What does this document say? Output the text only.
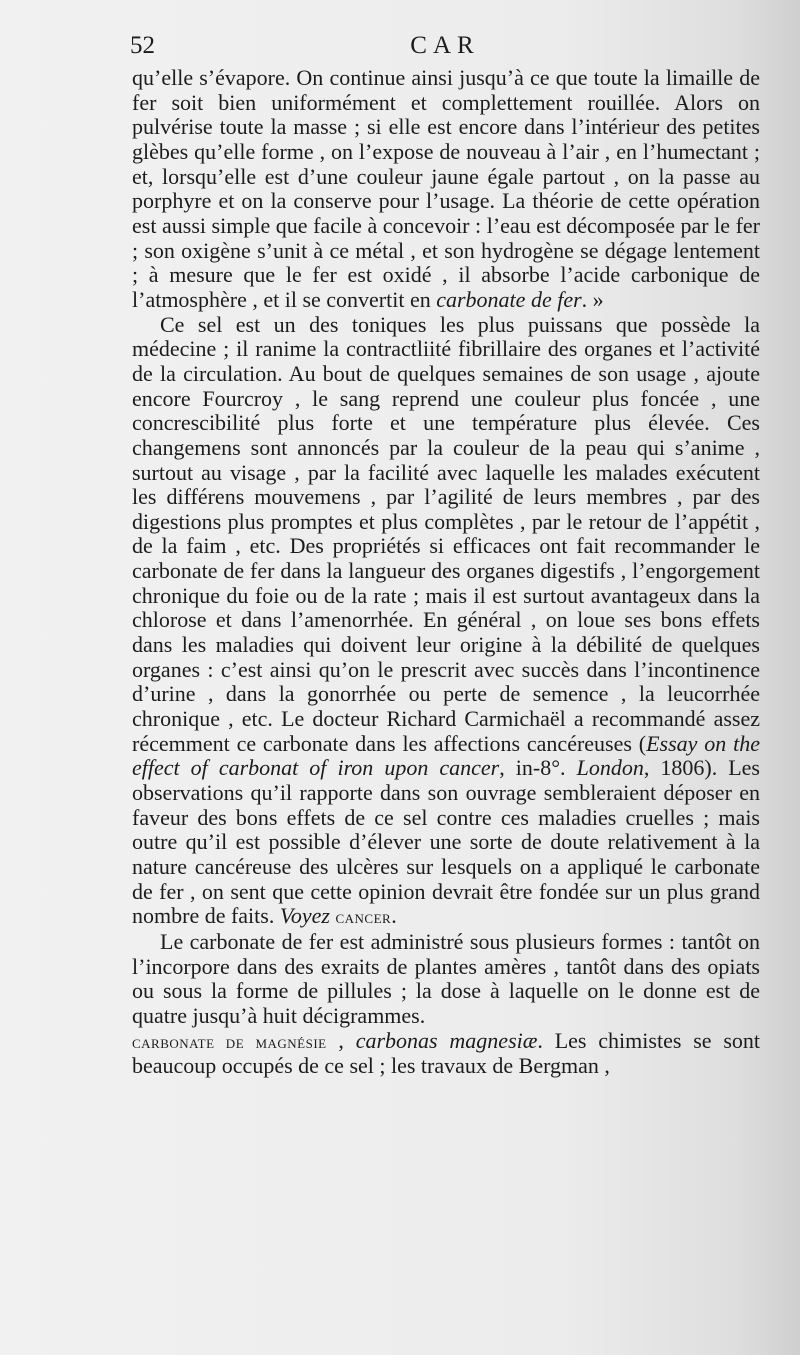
52	CAR

qu’elle s’évapore. On continue ainsi jusqu’à ce que toute la limaille de fer soit bien uniformément et complettement rouillée. Alors on pulvérise toute la masse ; si elle est encore dans l’intérieur des petites glèbes qu’elle forme , on l’expose de nouveau à l’air , en l’humectant ; et, lorsqu’elle est d’une couleur jaune égale partout , on la passe au porphyre et on la conserve pour l’usage. La théorie de cette opération est aussi simple que facile à concevoir : l’eau est décomposée par le fer ; son oxigène s’unit à ce métal , et son hydrogène se dégage lentement ; à mesure que le fer est oxidé , il absorbe l’acide carbonique de l’atmosphère , et il se convertit en carbonate de fer. »

Ce sel est un des toniques les plus puissans que possède la médecine ; il ranime la contractliité fibrillaire des organes et l’activité de la circulation. Au bout de quelques semaines de son usage , ajoute encore Fourcroy , le sang reprend une couleur plus foncée , une concrescibilité plus forte et une température plus élevée. Ces changemens sont annoncés par la couleur de la peau qui s’anime , surtout au visage , par la facilité avec laquelle les malades exécutent les différens mouvemens , par l’agilité de leurs membres , par des digestions plus promptes et plus complètes , par le retour de l’appétit , de la faim , etc. Des propriétés si efficaces ont fait recommander le carbonate de fer dans la langueur des organes digestifs , l’engorgement chronique du foie ou de la rate ; mais il est surtout avantageux dans la chlorose et dans l’amenorrhée. En général , on loue ses bons effets dans les maladies qui doivent leur origine à la débilité de quelques organes : c’est ainsi qu’on le prescrit avec succès dans l’incontinence d’urine , dans la gonorrhée ou perte de semence , la leucorrhée chronique , etc. Le docteur Richard Carmichaël a recommandé assez récemment ce carbonate dans les affections cancéreuses (Essay on the effect of carbonat of iron upon cancer, in-8°. London, 1806). Les observations qu’il rapporte dans son ouvrage sembleraient déposer en faveur des bons effets de ce sel contre ces maladies cruelles ; mais outre qu’il est possible d’élever une sorte de doute relativement à la nature cancéreuse des ulcères sur lesquels on a appliqué le carbonate de fer , on sent que cette opinion devrait être fondée sur un plus grand nombre de faits. Voyez cancer.

Le carbonate de fer est administré sous plusieurs formes : tantôt on l’incorpore dans des exraits de plantes amères , tantôt dans des opiats ou sous la forme de pillules ; la dose à laquelle on le donne est de quatre jusqu’à huit décigrammes.

carbonate de magnésie , carbonas magnesiæ. Les chimistes se sont beaucoup occupés de ce sel ; les travaux de Bergman ,
